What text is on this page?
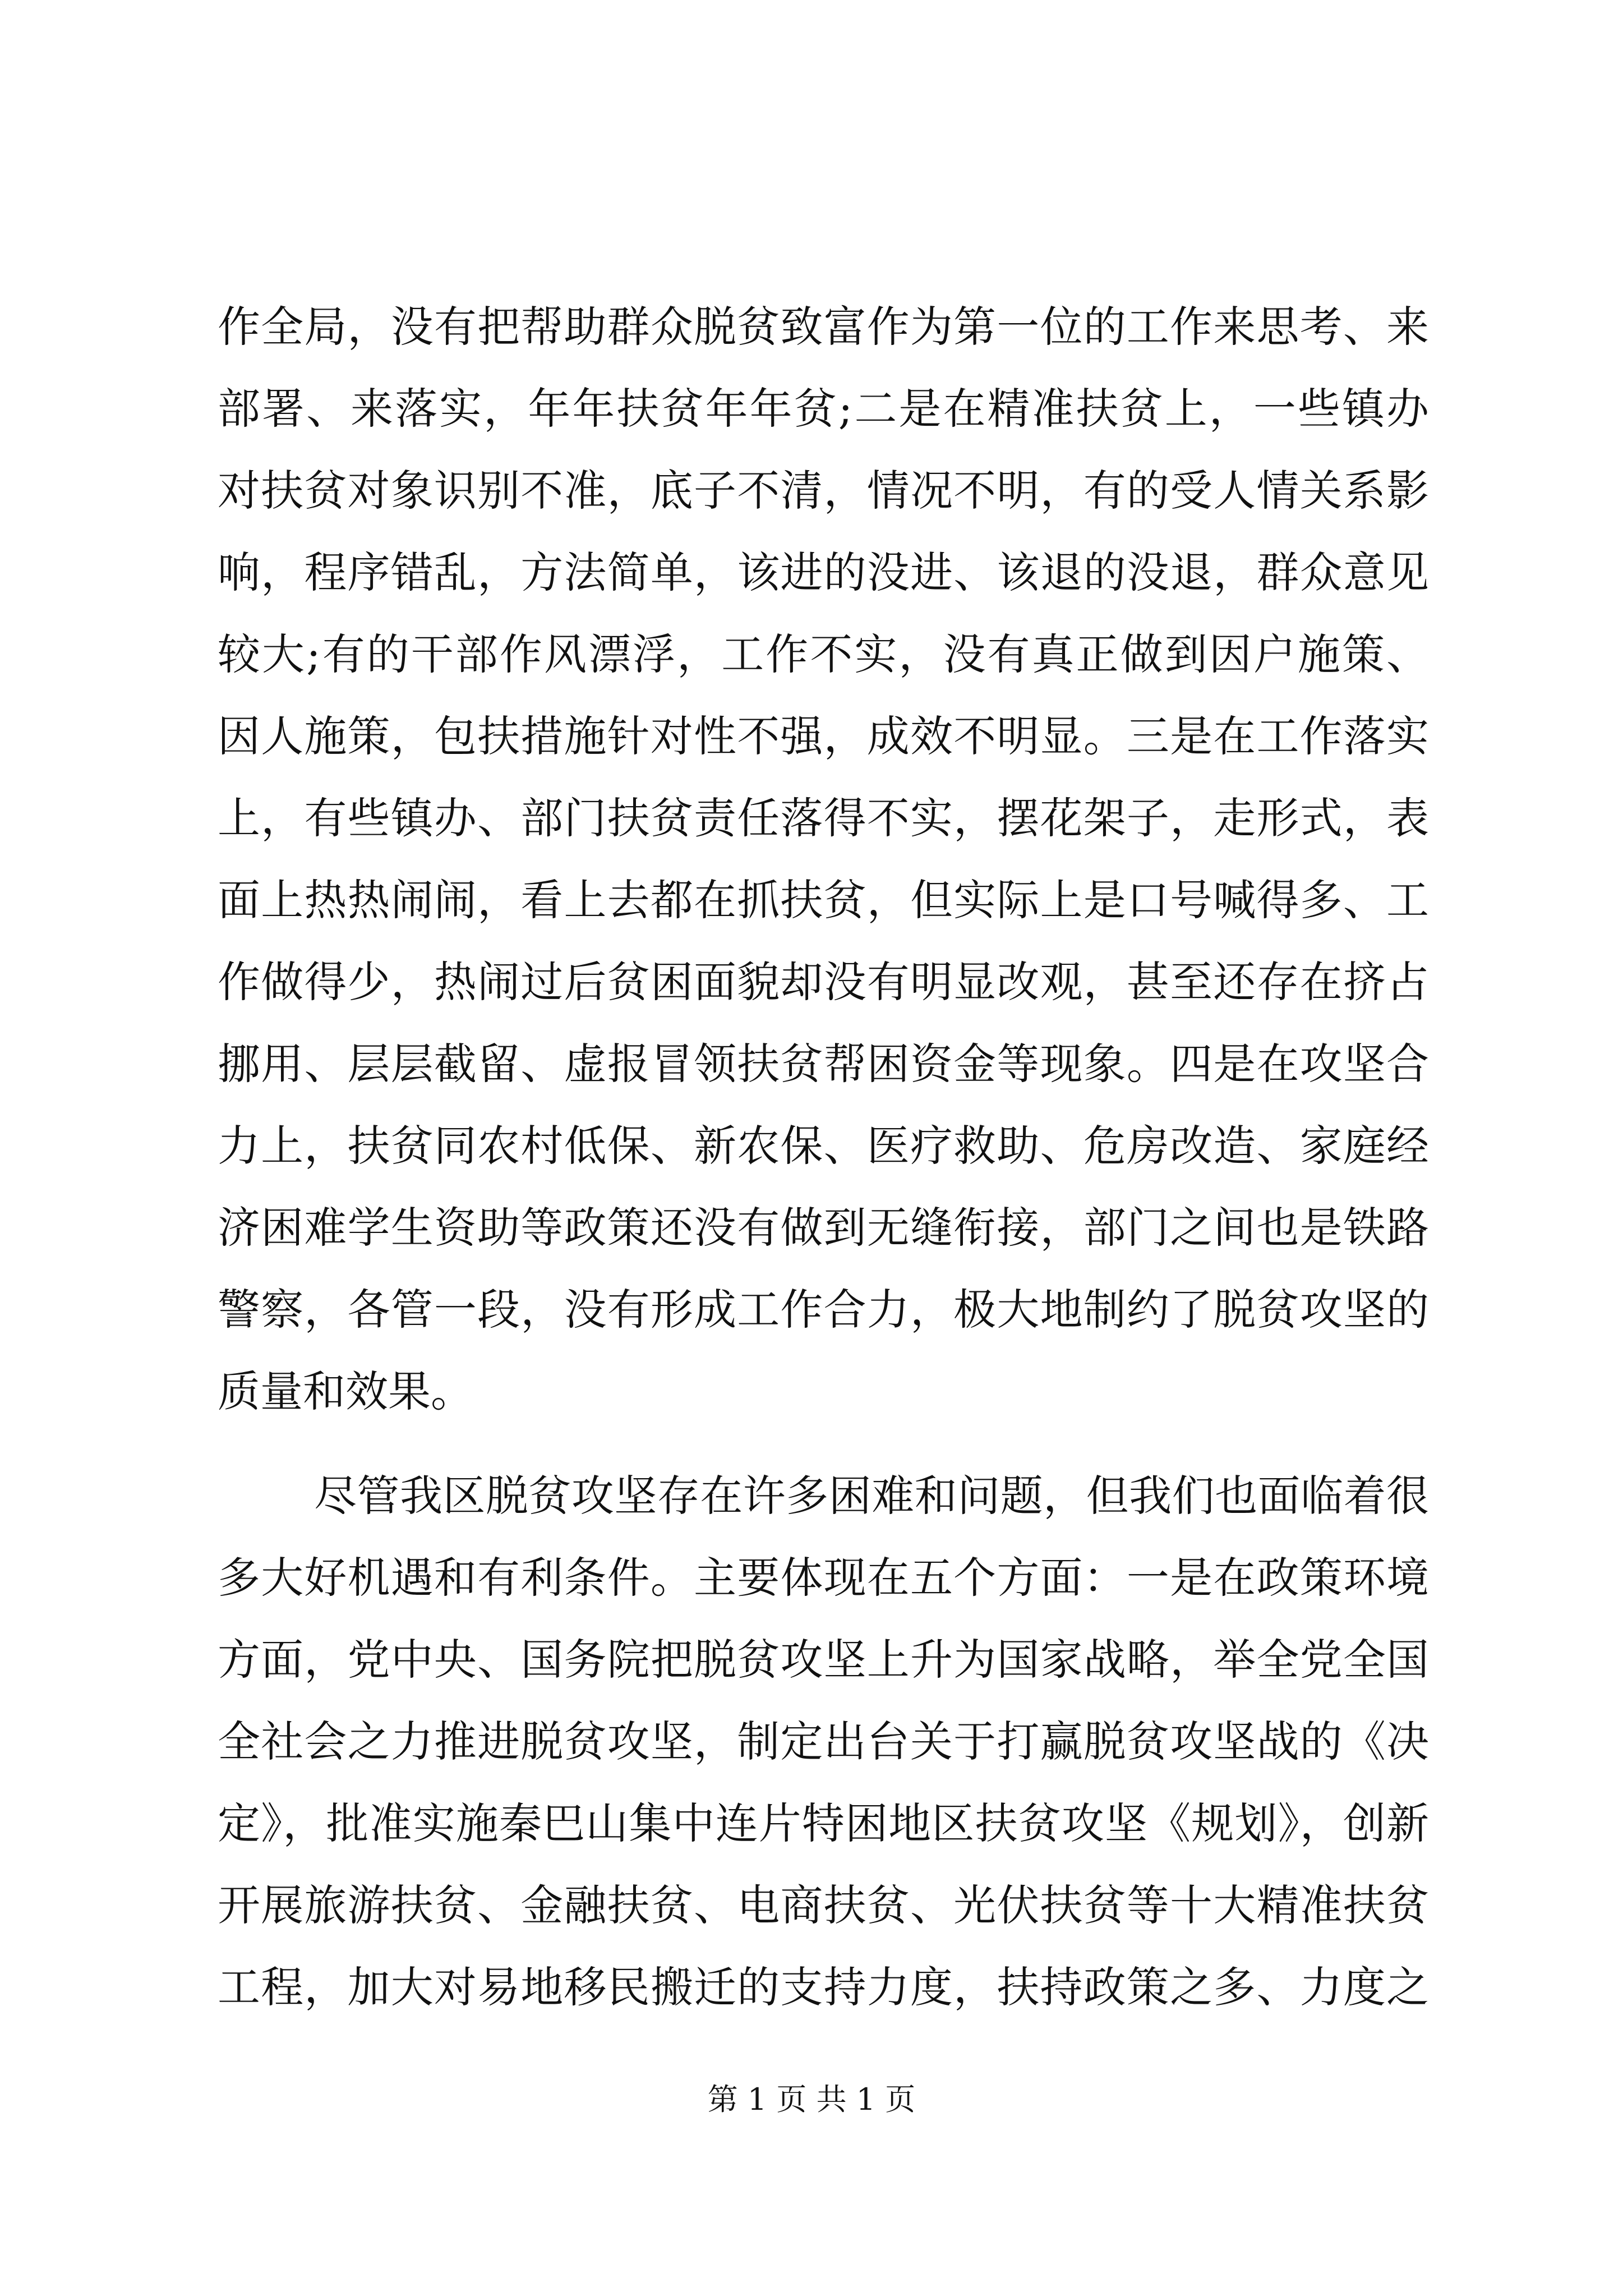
作全局，没有把帮助群众脱贫致富作为第一位的工作来思考、来
部署、来落实，年年扶贫年年贫;二是在精准扶贫上，一些镇办
对扶贫对象识别不准，底子不清，情况不明，有的受人情关系影
响，程序错乱，方法简单，该进的没进、该退的没退，群众意见
较大;有的干部作风漂浮，工作不实，没有真正做到因户施策、
因人施策，包扶措施针对性不强，成效不明显。三是在工作落实
上，有些镇办、部门扶贫责任落得不实，摆花架子，走形式，表
面上热热闹闹，看上去都在抓扶贫，但实际上是口号喊得多、工
作做得少，热闹过后贫困面貌却没有明显改观，甚至还存在挤占
挪用、层层截留、虚报冒领扶贫帮困资金等现象。四是在攻坚合
力上，扶贫同农村低保、新农保、医疗救助、危房改造、家庭经
济困难学生资助等政策还没有做到无缝衔接，部门之间也是铁路
警察，各管一段，没有形成工作合力，极大地制约了脱贫攻坚的
质量和效果。
尽管我区脱贫攻坚存在许多困难和问题，但我们也面临着很
多大好机遇和有利条件。主要体现在五个方面：一是在政策环境
方面，党中央、国务院把脱贫攻坚上升为国家战略，举全党全国
全社会之力推进脱贫攻坚，制定出台关于打赢脱贫攻坚战的《决
定》，批准实施秦巴山集中连片特困地区扶贫攻坚《规划》，创新
开展旅游扶贫、金融扶贫、电商扶贫、光伏扶贫等十大精准扶贫
工程，加大对易地移民搬迁的支持力度，扶持政策之多、力度之
第 1 页 共 1 页
